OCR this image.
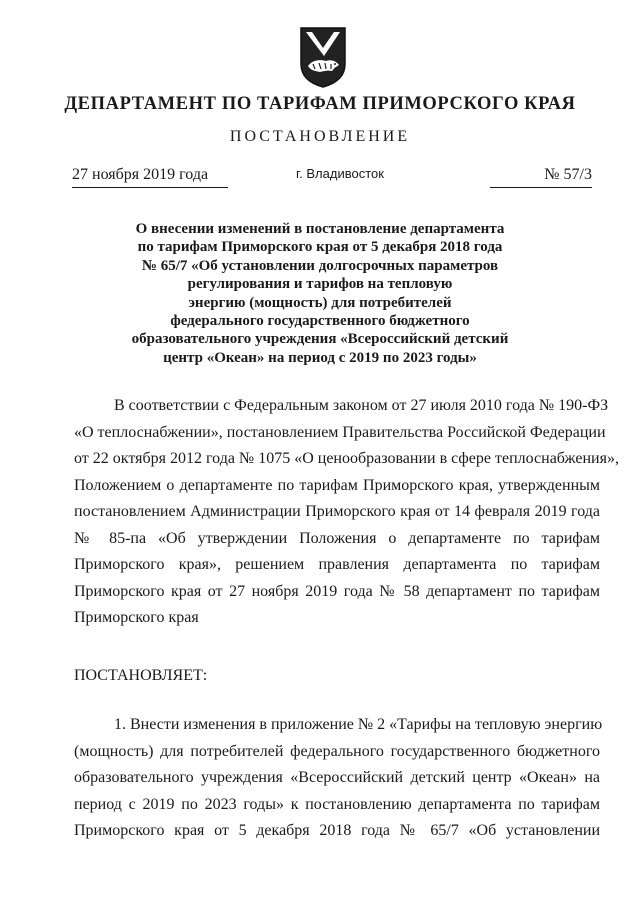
ДЕПАРТАМЕНТ ПО ТАРИФАМ ПРИМОРСКОГО КРАЯ
ПОСТАНОВЛЕНИЕ
27 ноября 2019 года	г. Владивосток	№ 57/3
О внесении изменений в постановление департамента
по тарифам Приморского края от 5 декабря 2018 года
№ 65/7 «Об установлении долгосрочных параметров
регулирования и тарифов на тепловую
энергию (мощность) для потребителей
федерального государственного бюджетного
образовательного учреждения «Всероссийский детский
центр «Океан» на период с 2019 по 2023 годы»
В соответствии с Федеральным законом от 27 июля 2010 года № 190-ФЗ
«О теплоснабжении», постановлением Правительства Российской Федерации
от 22 октября 2012 года № 1075 «О ценообразовании в сфере теплоснабжения»,
Положением о департаменте по тарифам Приморского края, утвержденным
постановлением Администрации Приморского края от 14 февраля 2019 года
№ 85-па «Об утверждении Положения о департаменте по тарифам
Приморского края», решением правления департамента по тарифам
Приморского края от 27 ноября 2019 года № 58 департамент по тарифам
Приморского края
ПОСТАНОВЛЯЕТ:
1. Внести изменения в приложение № 2 «Тарифы на тепловую энергию
(мощность) для потребителей федерального государственного бюджетного
образовательного учреждения «Всероссийский детский центр «Океан» на
период с 2019 по 2023 годы» к постановлению департамента по тарифам
Приморского края от 5 декабря 2018 года № 65/7 «Об установлении
